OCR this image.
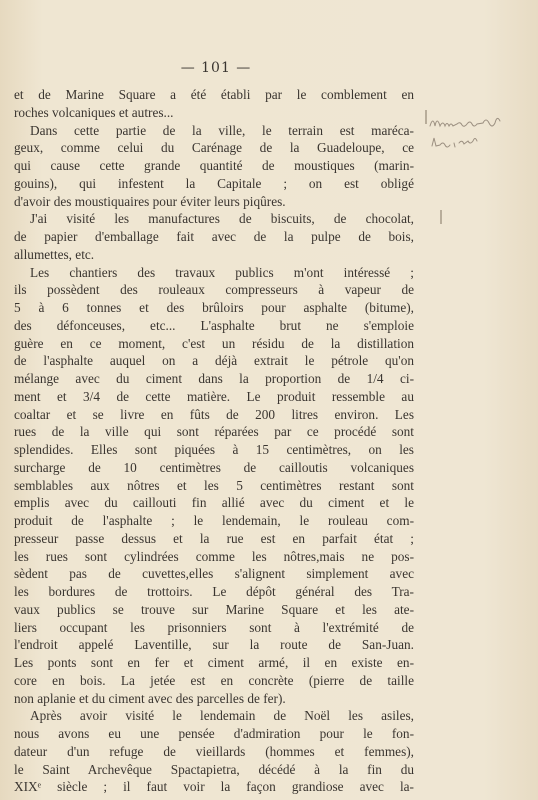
— 101 —
et de Marine Square a été établi par le comblement en
roches volcaniques et autres...
Dans cette partie de la ville, le terrain est maréca-
geux, comme celui du Carénage de la Guadeloupe, ce
qui cause cette grande quantité de moustiques (marin-
gouins), qui infestent la Capitale ; on est obligé
d'avoir des moustiquaires pour éviter leurs piqûres.
J'ai visité les manufactures de biscuits, de chocolat,
de papier d'emballage fait avec de la pulpe de bois,
allumettes, etc.
Les chantiers des travaux publics m'ont intéressé ;
ils possèdent des rouleaux compresseurs à vapeur de
5 à 6 tonnes et des brûloirs pour asphalte (bitume),
des défonceuses, etc... L'asphalte brut ne s'emploie
guère en ce moment, c'est un résidu de la distillation
de l'asphalte auquel on a déjà extrait le pétrole qu'on
mélange avec du ciment dans la proportion de 1/4 ci-
ment et 3/4 de cette matière. Le produit ressemble au
coaltar et se livre en fûts de 200 litres environ. Les
rues de la ville qui sont réparées par ce procédé sont
splendides. Elles sont piquées à 15 centimètres, on les
surcharge de 10 centimètres de cailloutis volcaniques
semblables aux nôtres et les 5 centimètres restant sont
emplis avec du caillouti fin allié avec du ciment et le
produit de l'asphalte ; le lendemain, le rouleau com-
presseur passe dessus et la rue est en parfait état ;
les rues sont cylindrées comme les nôtres,mais ne pos-
sèdent pas de cuvettes,elles s'alignent simplement avec
les bordures de trottoirs. Le dépôt général des Tra-
vaux publics se trouve sur Marine Square et les ate-
liers occupant les prisonniers sont à l'extrémité de
l'endroit appelé Laventille, sur la route de San-Juan.
Les ponts sont en fer et ciment armé, il en existe en-
core en bois. La jetée est en concrète (pierre de taille
non aplanie et du ciment avec des parcelles de fer).
Après avoir visité le lendemain de Noël les asiles,
nous avons eu une pensée d'admiration pour le fon-
dateur d'un refuge de vieillards (hommes et femmes),
le Saint Archevêque Spactapietra, décédé à la fin du
XIXᵉ siècle ; il faut voir la façon grandiose avec la-
